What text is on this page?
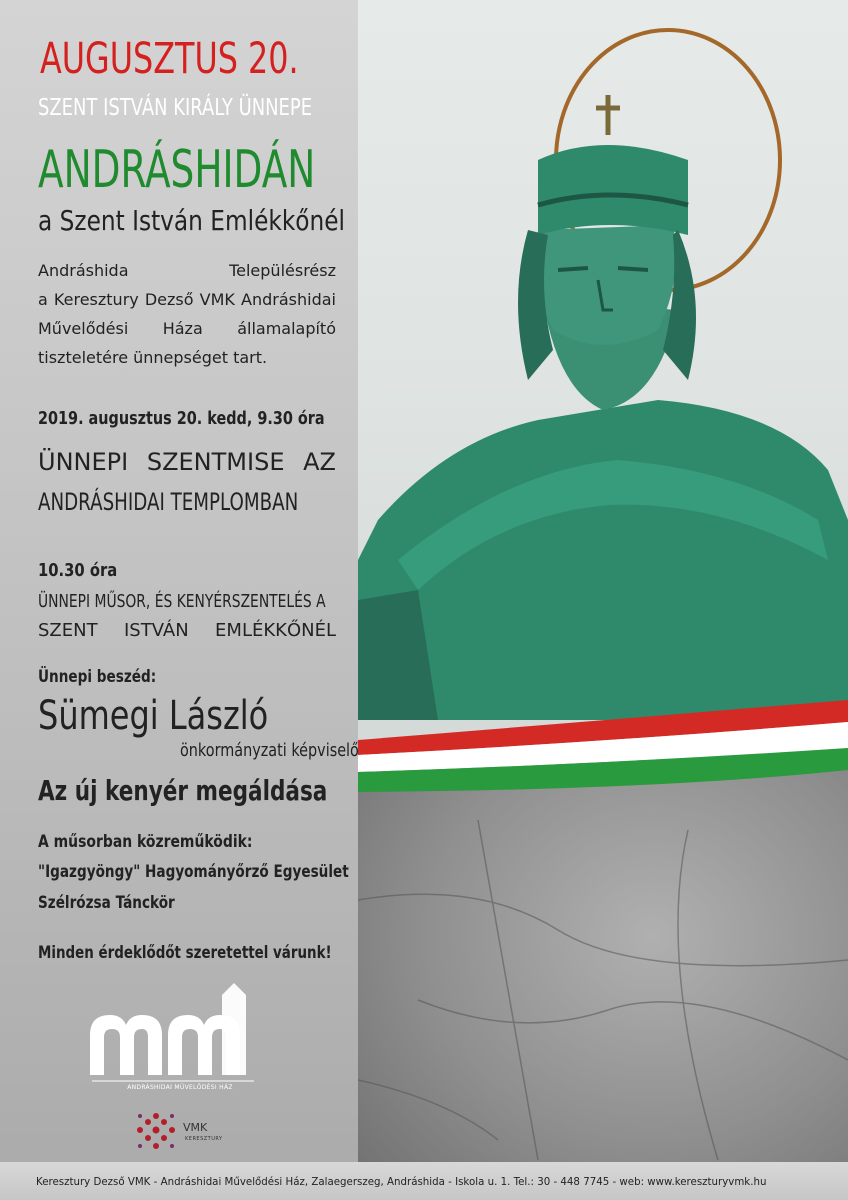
AUGUSZTUS 20.
SZENT ISTVÁN KIRÁLY ÜNNEPE
ANDRÁSHIDÁN
a Szent István Emlékkőnél
Andráshida Településrész
a Keresztury Dezső VMK Andráshidai
Művelődési Háza államalapító
tiszteletére ünnepséget tart.
2019. augusztus 20. kedd, 9.30 óra
ÜNNEPI SZENTMISE AZ
ANDRÁSHIDAI TEMPLOMBAN
10.30 óra
ÜNNEPI MŰSOR, ÉS KENYÉRSZENTELÉS A
SZENT ISTVÁN EMLÉKKŐNÉL
Ünnepi beszéd:
Sümegi László
önkormányzati képviselő
Az új kenyér megáldása
A műsorban közreműködik:
"Igazgyöngy" Hagyományőrző Egyesület
Szélrózsa Tánckör
Minden érdeklődőt szeretettel várunk!
ANDRÁSHIDAI MŰVELŐDÉSI HÁZ
VMK
KERESZTURY
Keresztury Dezső VMK - Andráshidai Művelődési Ház, Zalaegerszeg, Andráshida - Iskola u. 1. Tel.: 30 - 448 7745 - web: www.kereszturyvmk.hu
